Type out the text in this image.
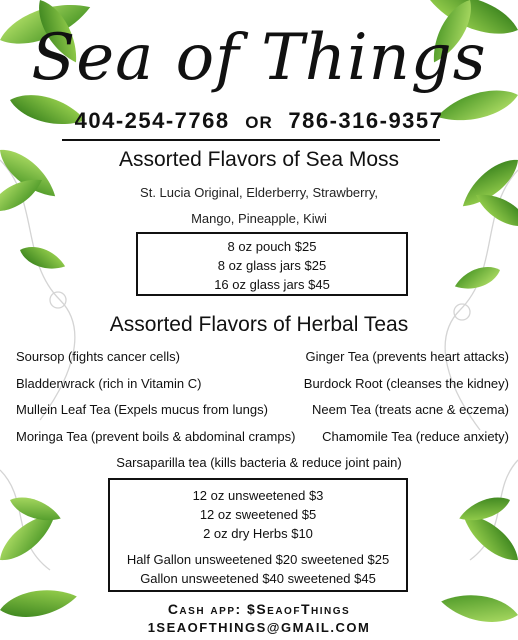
Sea of Things
404-254-7768 OR 786-316-9357
Assorted Flavors of Sea Moss
St. Lucia Original, Elderberry, Strawberry,
Mango, Pineapple, Kiwi
8 oz pouch $25
8 oz glass jars $25
16 oz glass jars $45
Assorted Flavors of Herbal Teas
Soursop (fights cancer cells)
Bladderwrack (rich in Vitamin C)
Mullein Leaf Tea (Expels mucus from lungs)
Moringa Tea (prevent boils & abdominal cramps)
Ginger Tea (prevents heart attacks)
Burdock Root (cleanses the kidney)
Neem Tea (treats acne & eczema)
Chamomile Tea (reduce anxiety)
Sarsaparilla tea (kills bacteria & reduce joint pain)
12 oz unsweetened $3
12 oz sweetened $5
2 oz dry Herbs $10
Half Gallon unsweetened $20 sweetened $25
Gallon unsweetened $40 sweetened $45
Cash app: $SeaofThings
1SEAOFTHINGS@GMAIL.COM
